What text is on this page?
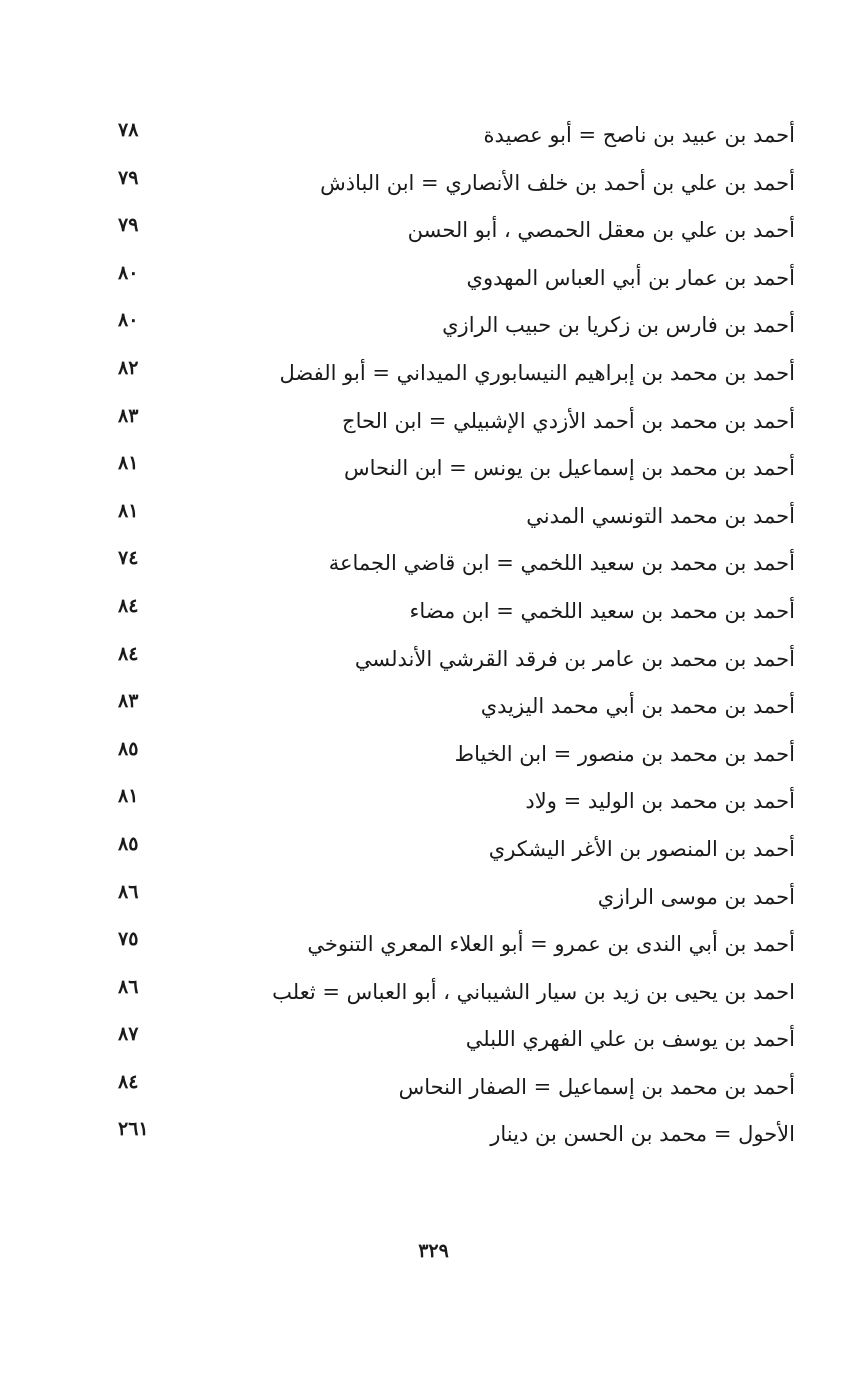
أحمد بن عبيد بن ناصح = أبو عصيدة
٧٨
أحمد بن علي بن أحمد بن خلف الأنصاري = ابن الباذش
٧٩
أحمد بن علي بن معقل الحمصي ، أبو الحسن
٧٩
أحمد بن عمار بن أبي العباس المهدوي
٨٠
أحمد بن فارس بن زكريا بن حبيب الرازي
٨٠
أحمد بن محمد بن إبراهيم النيسابوري الميداني = أبو الفضل
٨٢
أحمد بن محمد بن أحمد الأزدي الإشبيلي = ابن الحاج
٨٣
أحمد بن محمد بن إسماعيل بن يونس = ابن النحاس
٨١
أحمد بن محمد التونسي المدني
٨١
أحمد بن محمد بن سعيد اللخمي = ابن قاضي الجماعة
٧٤
أحمد بن محمد بن سعيد اللخمي = ابن مضاء
٨٤
أحمد بن محمد بن عامر بن فرقد القرشي الأندلسي
٨٤
أحمد بن محمد بن أبي محمد اليزيدي
٨٣
أحمد بن محمد بن منصور = ابن الخياط
٨٥
أحمد بن محمد بن الوليد = ولاد
٨١
أحمد بن المنصور بن الأغر اليشكري
٨٥
أحمد بن موسى الرازي
٨٦
أحمد بن أبي الندى بن عمرو = أبو العلاء المعري التنوخي
٧٥
احمد بن يحيى بن زيد بن سيار الشيباني ، أبو العباس = ثعلب
٨٦
أحمد بن يوسف بن علي الفهري اللبلي
٨٧
أحمد بن محمد بن إسماعيل = الصفار النحاس
٨٤
الأحول = محمد بن الحسن بن دينار
٢٦١
٣٢٩
